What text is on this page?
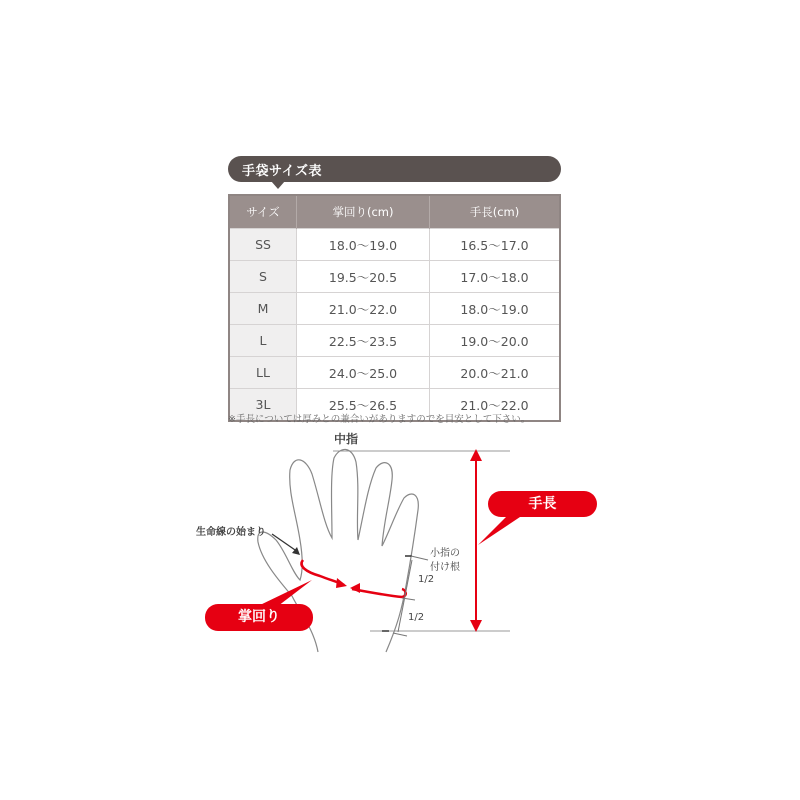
手袋サイズ表
サイズ	掌回り(cm)	手長(cm)
SS	18.0〜19.0	16.5〜17.0
S	19.5〜20.5	17.0〜18.0
M	21.0〜22.0	18.0〜19.0
L	22.5〜23.5	19.0〜20.0
LL	24.0〜25.0	20.0〜21.0
3L	25.5〜26.5	21.0〜22.0
※手長については厚みとの兼合いがありますのでを目安として下さい。
中指
生命線の始まり
小指の
付け根
1/2
1/2
手長
掌回り
